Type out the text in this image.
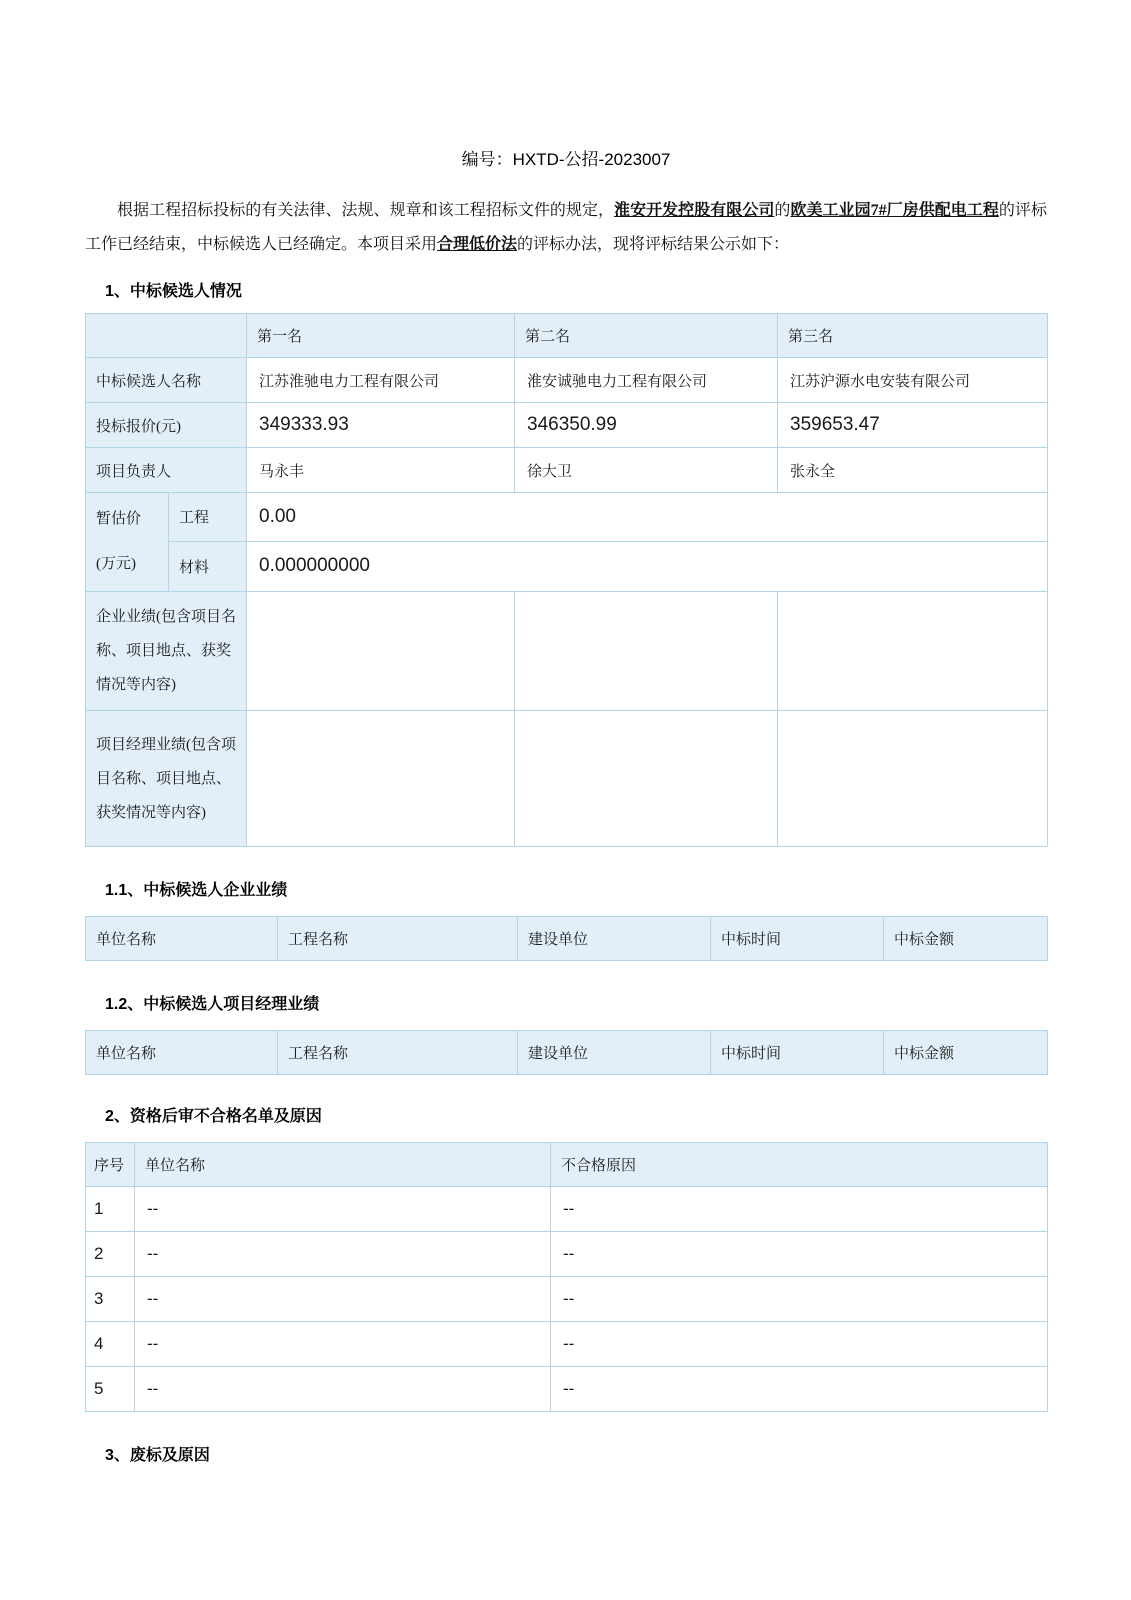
编号：HXTD-公招-2023007

根据工程招标投标的有关法律、法规、规章和该工程招标文件的规定，淮安开发控股有限公司的欧美工业园7#厂房供配电工程的评标工作已经结束，中标候选人已经确定。本项目采用合理低价法的评标办法，现将评标结果公示如下：

1、中标候选人情况
		第一名	第二名	第三名
中标候选人名称		江苏淮驰电力工程有限公司	淮安诚驰电力工程有限公司	江苏沪源水电安装有限公司
投标报价(元)		349333.93	346350.99	359653.47
项目负责人		马永丰	徐大卫	张永全
暂估价(万元)	工程	0.00		
	材料	0.000000000		
企业业绩(包含项目名称、项目地点、获奖情况等内容)				
项目经理业绩(包含项目名称、项目地点、获奖情况等内容)				
1.1、中标候选人企业业绩
单位名称	工程名称	建设单位	中标时间	中标金额
1.2、中标候选人项目经理业绩
单位名称	工程名称	建设单位	中标时间	中标金额
2、资格后审不合格名单及原因
序号	单位名称	不合格原因
1	--	--
2	--	--
3	--	--
4	--	--
5	--	--
3、废标及原因
